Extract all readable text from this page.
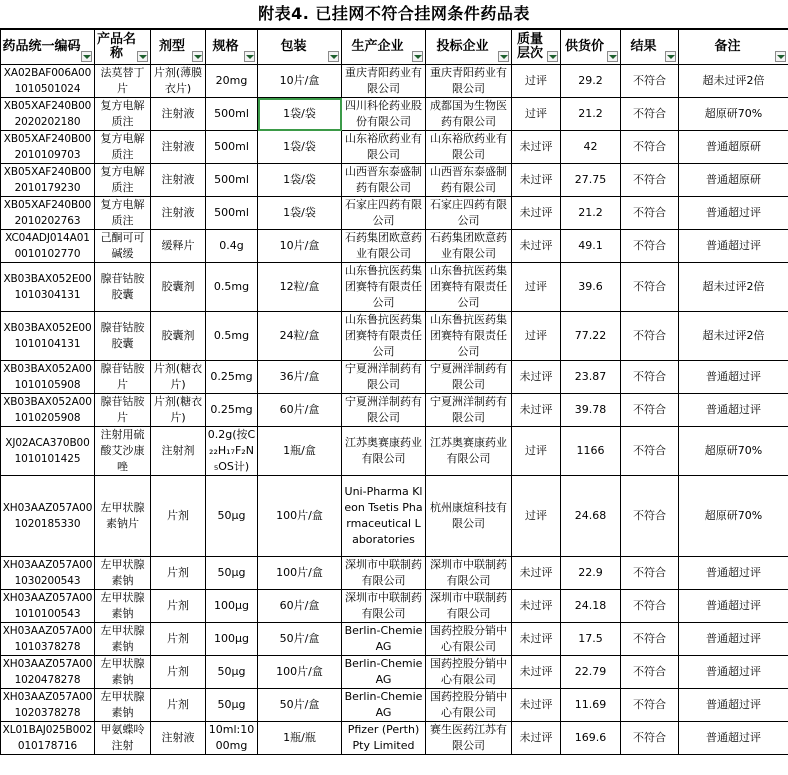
附表4. 已挂网不符合挂网条件药品表
药品统一编码	产品名称	剂型	规格	包装	生产企业	投标企业	质量层次	供货价	结果	备注

XA02BAF006A001010501024	法莫替丁片	片剂(薄膜衣片)	20mg	10片/盒	重庆青阳药业有限公司	重庆青阳药业有限公司	过评	29.2	不符合	超未过评2倍
XB05XAF240B002020202180	复方电解质注	注射液	500ml	1袋/袋	四川科伦药业股份有限公司	成都国为生物医药有限公司	过评	21.2	不符合	超原研70%
XB05XAF240B002010109703	复方电解质注	注射液	500ml	1袋/袋	山东裕欣药业有限公司	山东裕欣药业有限公司	未过评	42	不符合	普通超原研
XB05XAF240B002010179230	复方电解质注	注射液	500ml	1袋/袋	山西晋东泰盛制药有限公司	山西晋东泰盛制药有限公司	未过评	27.75	不符合	普通超原研
XB05XAF240B002010202763	复方电解质注	注射液	500ml	1袋/袋	石家庄四药有限公司	石家庄四药有限公司	未过评	21.2	不符合	普通超过评
XC04ADJ014A010010102770	己酮可可碱缓	缓释片	0.4g	10片/盒	石药集团欧意药业有限公司	石药集团欧意药业有限公司	未过评	49.1	不符合	普通超过评
XB03BAX052E001010304131	腺苷钴胺胶囊	胶囊剂	0.5mg	12粒/盒	山东鲁抗医药集团赛特有限责任公司	山东鲁抗医药集团赛特有限责任公司	过评	39.6	不符合	超未过评2倍
XB03BAX052E001010104131	腺苷钴胺胶囊	胶囊剂	0.5mg	24粒/盒	山东鲁抗医药集团赛特有限责任公司	山东鲁抗医药集团赛特有限责任公司	过评	77.22	不符合	超未过评2倍
XB03BAX052A001010105908	腺苷钴胺片	片剂(糖衣片)	0.25mg	36片/盒	宁夏洲洋制药有限公司	宁夏洲洋制药有限公司	未过评	23.87	不符合	普通超过评
XB03BAX052A001010205908	腺苷钴胺片	片剂(糖衣片)	0.25mg	60片/盒	宁夏洲洋制药有限公司	宁夏洲洋制药有限公司	未过评	39.78	不符合	普通超过评
XJ02ACA370B001010101425	注射用硫酸艾沙康唑	注射剂	0.2g(按C₂₂H₁₇F₂N₅OS计)	1瓶/盒	江苏奥赛康药业有限公司	江苏奥赛康药业有限公司	过评	1166	不符合	超原研70%
XH03AAZ057A001020185330	左甲状腺素钠片	片剂	50μg	100片/盒	Uni-Pharma Kleon Tsetis Pharmaceutical Laboratories	杭州康煊科技有限公司	过评	24.68	不符合	超原研70%
XH03AAZ057A001030200543	左甲状腺素钠	片剂	50μg	100片/盒	深圳市中联制药有限公司	深圳市中联制药有限公司	未过评	22.9	不符合	普通超过评
XH03AAZ057A001010100543	左甲状腺素钠	片剂	100μg	60片/盒	深圳市中联制药有限公司	深圳市中联制药有限公司	未过评	24.18	不符合	普通超过评
XH03AAZ057A001010378278	左甲状腺素钠	片剂	100μg	50片/盒	Berlin-Chemie AG	国药控股分销中心有限公司	未过评	17.5	不符合	普通超过评
XH03AAZ057A001020478278	左甲状腺素钠	片剂	50μg	100片/盒	Berlin-Chemie AG	国药控股分销中心有限公司	未过评	22.79	不符合	普通超过评
XH03AAZ057A001020378278	左甲状腺素钠	片剂	50μg	50片/盒	Berlin-Chemie AG	国药控股分销中心有限公司	未过评	11.69	不符合	普通超过评
XL01BAJ025B002010178716	甲氨蝶呤注射	注射液	10ml:1000mg	1瓶/瓶	Pfizer (Perth) Pty Limited	赛生医药江苏有限公司	未过评	169.6	不符合	普通超过评
